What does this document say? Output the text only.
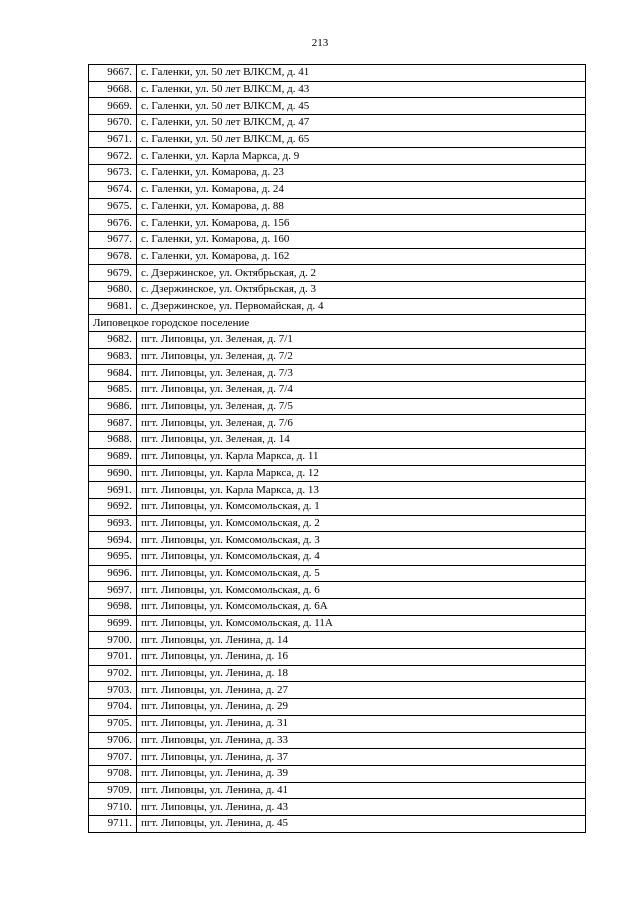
213
9667.	с. Галенки, ул. 50 лет ВЛКСМ, д. 41
9668.	с. Галенки, ул. 50 лет ВЛКСМ, д. 43
9669.	с. Галенки, ул. 50 лет ВЛКСМ, д. 45
9670.	с. Галенки, ул. 50 лет ВЛКСМ, д. 47
9671.	с. Галенки, ул. 50 лет ВЛКСМ, д. 65
9672.	с. Галенки, ул. Карла Маркса, д. 9
9673.	с. Галенки, ул. Комарова, д. 23
9674.	с. Галенки, ул. Комарова, д. 24
9675.	с. Галенки, ул. Комарова, д. 88
9676.	с. Галенки, ул. Комарова, д. 156
9677.	с. Галенки, ул. Комарова, д. 160
9678.	с. Галенки, ул. Комарова, д. 162
9679.	с. Дзержинское, ул. Октябрьская, д. 2
9680.	с. Дзержинское, ул. Октябрьская, д. 3
9681.	с. Дзержинское, ул. Первомайская, д. 4
Липовецкое городское поселение	
9682.	пгт. Липовцы, ул. Зеленая, д. 7/1
9683.	пгт. Липовцы, ул. Зеленая, д. 7/2
9684.	пгт. Липовцы, ул. Зеленая, д. 7/3
9685.	пгт. Липовцы, ул. Зеленая, д. 7/4
9686.	пгт. Липовцы, ул. Зеленая, д. 7/5
9687.	пгт. Липовцы, ул. Зеленая, д. 7/6
9688.	пгт. Липовцы, ул. Зеленая, д. 14
9689.	пгт. Липовцы, ул. Карла Маркса, д. 11
9690.	пгт. Липовцы, ул. Карла Маркса, д. 12
9691.	пгт. Липовцы, ул. Карла Маркса, д. 13
9692.	пгт. Липовцы, ул. Комсомольская, д. 1
9693.	пгт. Липовцы, ул. Комсомольская, д. 2
9694.	пгт. Липовцы, ул. Комсомольская, д. 3
9695.	пгт. Липовцы, ул. Комсомольская, д. 4
9696.	пгт. Липовцы, ул. Комсомольская, д. 5
9697.	пгт. Липовцы, ул. Комсомольская, д. 6
9698.	пгт. Липовцы, ул. Комсомольская, д. 6А
9699.	пгт. Липовцы, ул. Комсомольская, д. 11А
9700.	пгт. Липовцы, ул. Ленина, д. 14
9701.	пгт. Липовцы, ул. Ленина, д. 16
9702.	пгт. Липовцы, ул. Ленина, д. 18
9703.	пгт. Липовцы, ул. Ленина, д. 27
9704.	пгт. Липовцы, ул. Ленина, д. 29
9705.	пгт. Липовцы, ул. Ленина, д. 31
9706.	пгт. Липовцы, ул. Ленина, д. 33
9707.	пгт. Липовцы, ул. Ленина, д. 37
9708.	пгт. Липовцы, ул. Ленина, д. 39
9709.	пгт. Липовцы, ул. Ленина, д. 41
9710.	пгт. Липовцы, ул. Ленина, д. 43
9711.	пгт. Липовцы, ул. Ленина, д. 45
